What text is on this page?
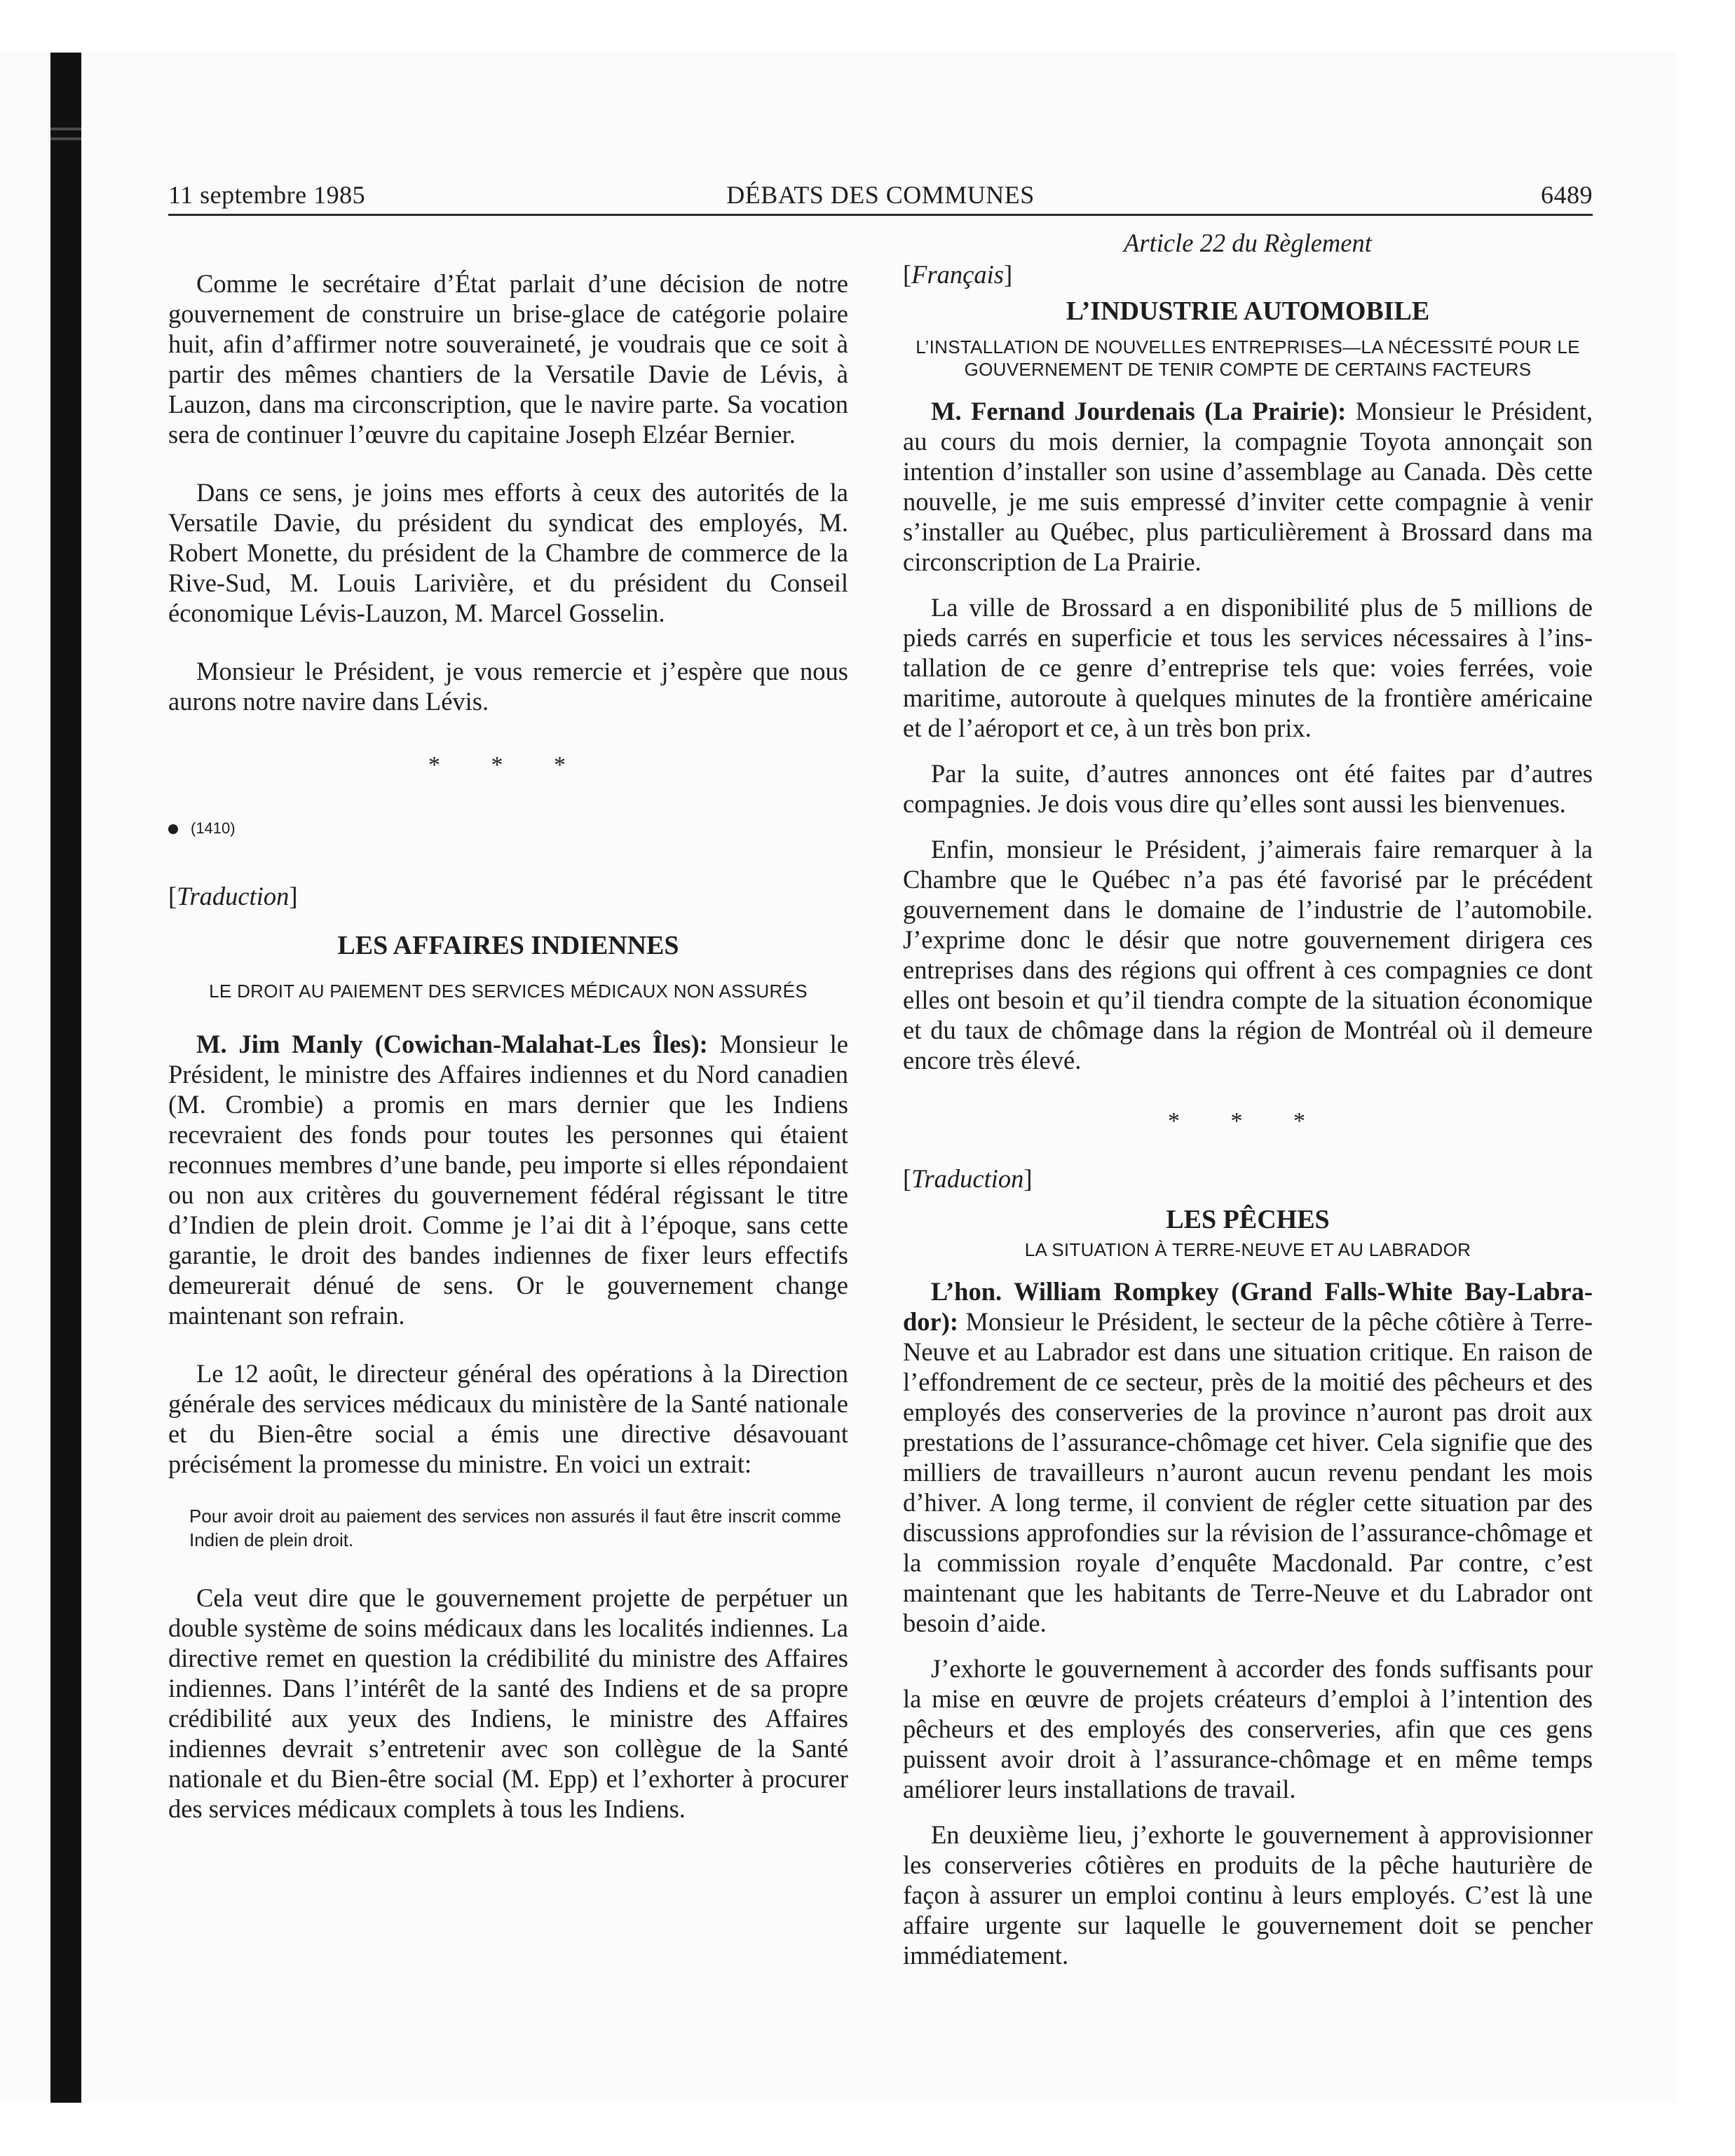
DÉBATS DES COMMUNES
11 septembre 1985	6489

Comme le secrétaire d’État parlait d’une décision de notre gouvernement de construire un brise-glace de catégorie polaire huit, afin d’affirmer notre souveraineté, je voudrais que ce soit à partir des mêmes chantiers de la Versatile Davie de Lévis, à Lauzon, dans ma circonscription, que le navire parte. Sa vocation sera de continuer l’œuvre du capitaine Joseph Elzéar Bernier.

Dans ce sens, je joins mes efforts à ceux des autorités de la Versatile Davie, du président du syndicat des employés, M. Robert Monette, du président de la Chambre de commerce de la Rive-Sud, M. Louis Larivière, et du président du Conseil économique Lévis-Lauzon, M. Marcel Gosselin.

Monsieur le Président, je vous remercie et j’espère que nous aurons notre navire dans Lévis.

* * *

(1410)

[Traduction]

LES AFFAIRES INDIENNES

LE DROIT AU PAIEMENT DES SERVICES MÉDICAUX NON ASSURÉS

M. Jim Manly (Cowichan-Malahat-Les Îles): Monsieur le Président, le ministre des Affaires indiennes et du Nord canadien (M. Crombie) a promis en mars dernier que les Indiens recevraient des fonds pour toutes les personnes qui étaient reconnues membres d’une bande, peu importe si elles répondaient ou non aux critères du gouvernement fédéral régissant le titre d’Indien de plein droit. Comme je l’ai dit à l’époque, sans cette garantie, le droit des bandes indiennes de fixer leurs effectifs demeurerait dénué de sens. Or le gouvernement change maintenant son refrain.

Le 12 août, le directeur général des opérations à la Direction générale des services médicaux du ministère de la Santé nationale et du Bien-être social a émis une directive désavouant précisément la promesse du ministre. En voici un extrait:

Pour avoir droit au paiement des services non assurés il faut être inscrit comme Indien de plein droit.

Cela veut dire que le gouvernement projette de perpétuer un double système de soins médicaux dans les localités indiennes. La directive remet en question la crédibilité du ministre des Affaires indiennes. Dans l’intérêt de la santé des Indiens et de sa propre crédibilité aux yeux des Indiens, le ministre des Affaires indiennes devrait s’entretenir avec son collègue de la Santé nationale et du Bien-être social (M. Epp) et l’exhorter à procurer des services médicaux complets à tous les Indiens.

Article 22 du Règlement

[Français]

L’INDUSTRIE AUTOMOBILE

L’INSTALLATION DE NOUVELLES ENTREPRISES—LA NÉCESSITÉ POUR LE GOUVERNEMENT DE TENIR COMPTE DE CERTAINS FACTEURS

M. Fernand Jourdenais (La Prairie): Monsieur le Président, au cours du mois dernier, la compagnie Toyota annonçait son intention d’installer son usine d’assemblage au Canada. Dès cette nouvelle, je me suis empressé d’inviter cette compagnie à venir s’installer au Québec, plus particulièrement à Brossard dans ma circonscription de La Prairie.

La ville de Brossard a en disponibilité plus de 5 millions de pieds carrés en superficie et tous les services nécessaires à l’installation de ce genre d’entreprise tels que: voies ferrées, voie maritime, autoroute à quelques minutes de la frontière américaine et de l’aéroport et ce, à un très bon prix.

Par la suite, d’autres annonces ont été faites par d’autres compagnies. Je dois vous dire qu’elles sont aussi les bienvenues.

Enfin, monsieur le Président, j’aimerais faire remarquer à la Chambre que le Québec n’a pas été favorisé par le précédent gouvernement dans le domaine de l’industrie de l’automobile. J’exprime donc le désir que notre gouvernement dirigera ces entreprises dans des régions qui offrent à ces compagnies ce dont elles ont besoin et qu’il tiendra compte de la situation économique et du taux de chômage dans la région de Montréal où il demeure encore très élevé.

* * *

[Traduction]

LES PÊCHES

LA SITUATION À TERRE-NEUVE ET AU LABRADOR

L’hon. William Rompkey (Grand Falls-White Bay-Labrador): Monsieur le Président, le secteur de la pêche côtière à Terre-Neuve et au Labrador est dans une situation critique. En raison de l’effondrement de ce secteur, près de la moitié des pêcheurs et des employés des conserveries de la province n’auront pas droit aux prestations de l’assurance-chômage cet hiver. Cela signifie que des milliers de travailleurs n’auront aucun revenu pendant les mois d’hiver. A long terme, il convient de régler cette situation par des discussions approfondies sur la révision de l’assurance-chômage et la commission royale d’enquête Macdonald. Par contre, c’est maintenant que les habitants de Terre-Neuve et du Labrador ont besoin d’aide.

J’exhorte le gouvernement à accorder des fonds suffisants pour la mise en œuvre de projets créateurs d’emploi à l’intention des pêcheurs et des employés des conserveries, afin que ces gens puissent avoir droit à l’assurance-chômage et en même temps améliorer leurs installations de travail.

En deuxième lieu, j’exhorte le gouvernement à approvisionner les conserveries côtières en produits de la pêche hauturière de façon à assurer un emploi continu à leurs employés. C’est là une affaire urgente sur laquelle le gouvernement doit se pencher immédiatement.
